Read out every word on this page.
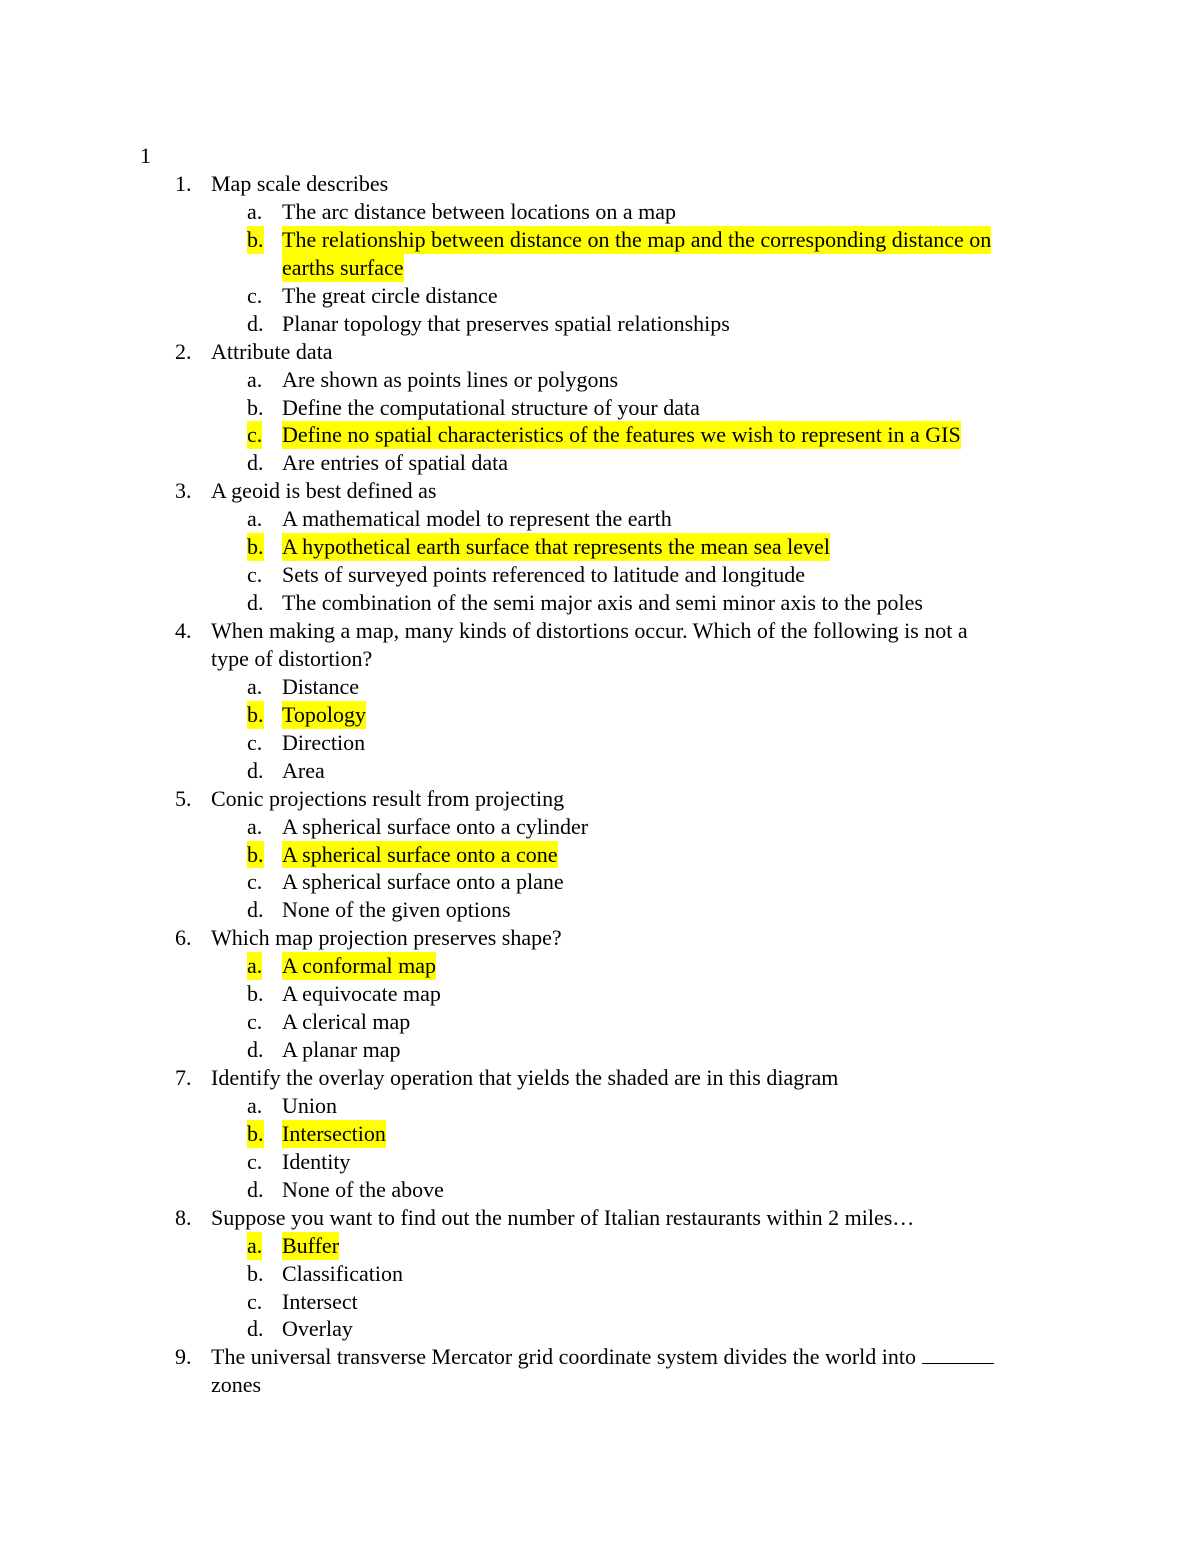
1
1. Map scale describes
a. The arc distance between locations on a map
b. The relationship between distance on the map and the corresponding distance on
earths surface
c. The great circle distance
d. Planar topology that preserves spatial relationships
2. Attribute data
a. Are shown as points lines or polygons
b. Define the computational structure of your data
c. Define no spatial characteristics of the features we wish to represent in a GIS
d. Are entries of spatial data
3. A geoid is best defined as
a. A mathematical model to represent the earth
b. A hypothetical earth surface that represents the mean sea level
c. Sets of surveyed points referenced to latitude and longitude
d. The combination of the semi major axis and semi minor axis to the poles
4. When making a map, many kinds of distortions occur. Which of the following is not a
type of distortion?
a. Distance
b. Topology
c. Direction
d. Area
5. Conic projections result from projecting
a. A spherical surface onto a cylinder
b. A spherical surface onto a cone
c. A spherical surface onto a plane
d. None of the given options
6. Which map projection preserves shape?
a. A conformal map
b. A equivocate map
c. A clerical map
d. A planar map
7. Identify the overlay operation that yields the shaded are in this diagram
a. Union
b. Intersection
c. Identity
d. None of the above
8. Suppose you want to find out the number of Italian restaurants within 2 miles…
a. Buffer
b. Classification
c. Intersect
d. Overlay
9. The universal transverse Mercator grid coordinate system divides the world into
zones
